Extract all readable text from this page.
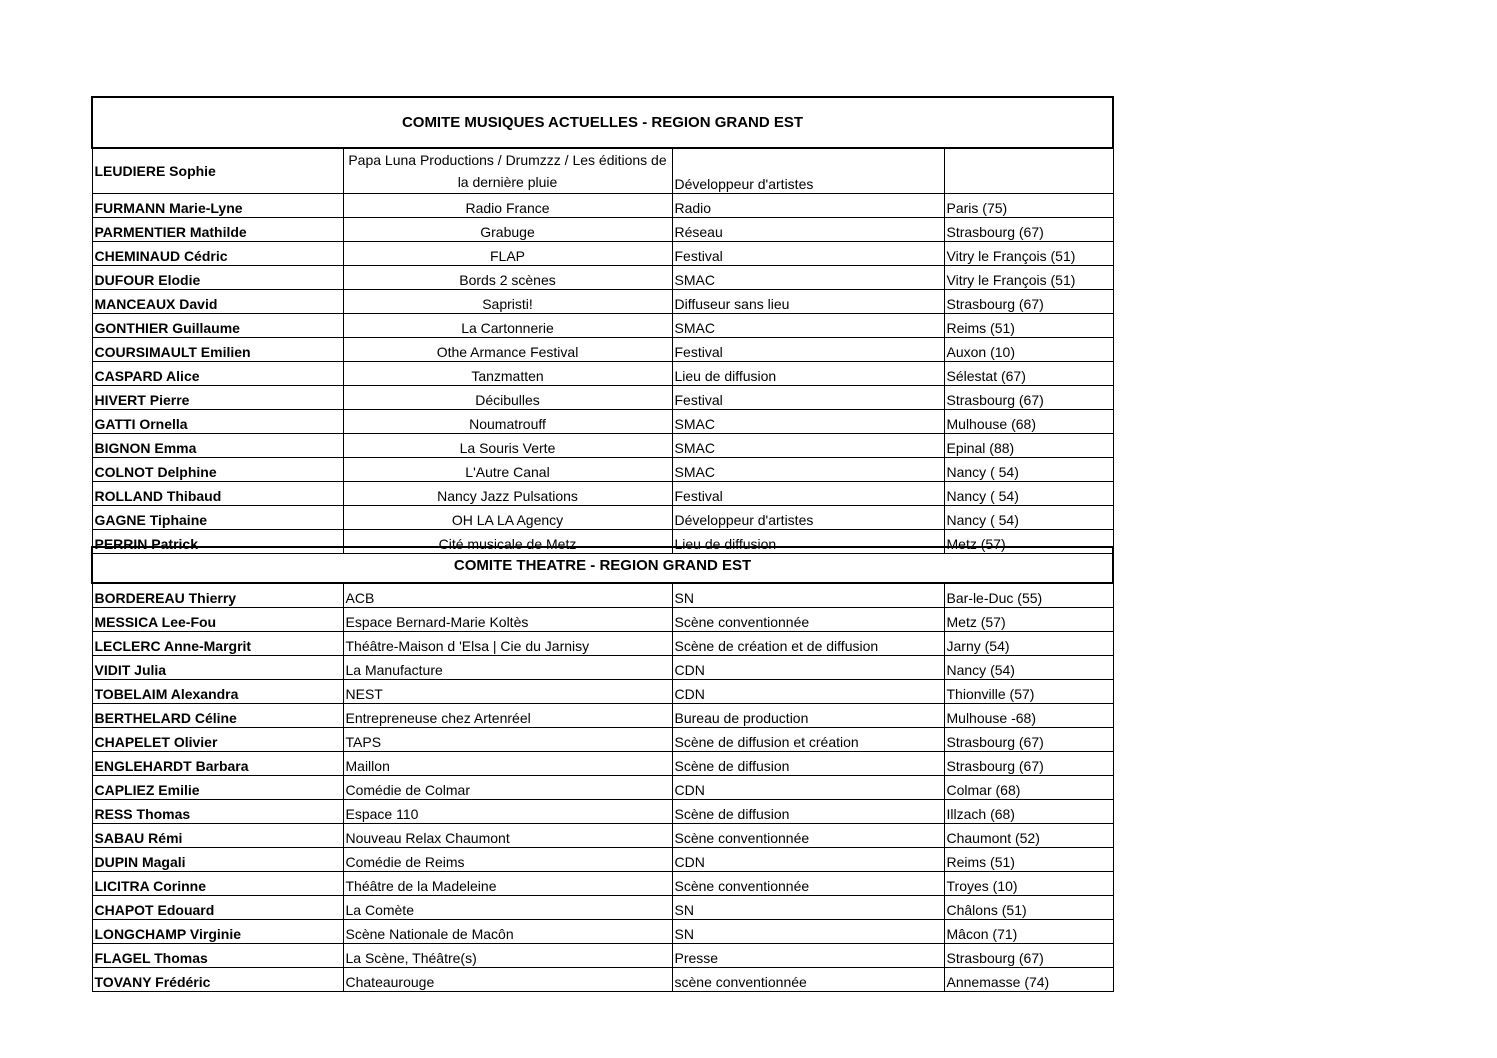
COMITE MUSIQUES ACTUELLES - REGION GRAND EST			
LEUDIERE Sophie	Papa Luna Productions / Drumzzz / Les éditions de la dernière pluie	Développeur d'artistes	
FURMANN Marie-Lyne	Radio France	Radio	Paris (75)
PARMENTIER Mathilde	Grabuge	Réseau	Strasbourg (67)
CHEMINAUD Cédric	FLAP	Festival	Vitry le François (51)
DUFOUR Elodie	Bords 2 scènes	SMAC	Vitry le François (51)
MANCEAUX David	Sapristi!	Diffuseur sans lieu	Strasbourg (67)
GONTHIER Guillaume	La Cartonnerie	SMAC	Reims (51)
COURSIMAULT Emilien	Othe Armance Festival	Festival	Auxon (10)
CASPARD Alice	Tanzmatten	Lieu de diffusion	Sélestat (67)
HIVERT Pierre	Décibulles	Festival	Strasbourg (67)
GATTI Ornella	Noumatrouff	SMAC	Mulhouse (68)
BIGNON Emma	La Souris Verte	SMAC	Epinal (88)
COLNOT Delphine	L'Autre Canal	SMAC	Nancy ( 54)
ROLLAND Thibaud	Nancy Jazz Pulsations	Festival	Nancy ( 54)
GAGNE Tiphaine	OH LA LA Agency	Développeur d'artistes	Nancy ( 54)
PERRIN Patrick	Cité musicale de Metz	Lieu de diffusion	Metz (57)
COMITE THEATRE - REGION GRAND EST			
BORDEREAU Thierry	ACB	SN	Bar-le-Duc (55)
MESSICA Lee-Fou	Espace Bernard-Marie Koltès	Scène conventionnée	Metz (57)
LECLERC Anne-Margrit	Théâtre-Maison d 'Elsa | Cie du Jarnisy	Scène de création et de diffusion	Jarny (54)
VIDIT Julia	La Manufacture	CDN	Nancy (54)
TOBELAIM Alexandra	NEST	CDN	Thionville (57)
BERTHELARD Céline	Entrepreneuse chez Artenréel	Bureau de production	Mulhouse -68)
CHAPELET Olivier	TAPS	Scène de diffusion et création	Strasbourg (67)
ENGLEHARDT Barbara	Maillon	Scène de diffusion	Strasbourg (67)
CAPLIEZ Emilie	Comédie de Colmar	CDN	Colmar (68)
RESS Thomas	Espace 110	Scène de diffusion	Illzach (68)
SABAU Rémi	Nouveau Relax Chaumont	Scène conventionnée	Chaumont (52)
DUPIN Magali	Comédie de Reims	CDN	Reims (51)
LICITRA Corinne	Théâtre de la Madeleine	Scène conventionnée	Troyes (10)
CHAPOT Edouard	La Comète	SN	Châlons (51)
LONGCHAMP Virginie	Scène Nationale de Macôn	SN	Mâcon (71)
FLAGEL Thomas	La Scène, Théâtre(s)	Presse	Strasbourg (67)
TOVANY Frédéric	Chateaurouge	scène conventionnée	Annemasse (74)
